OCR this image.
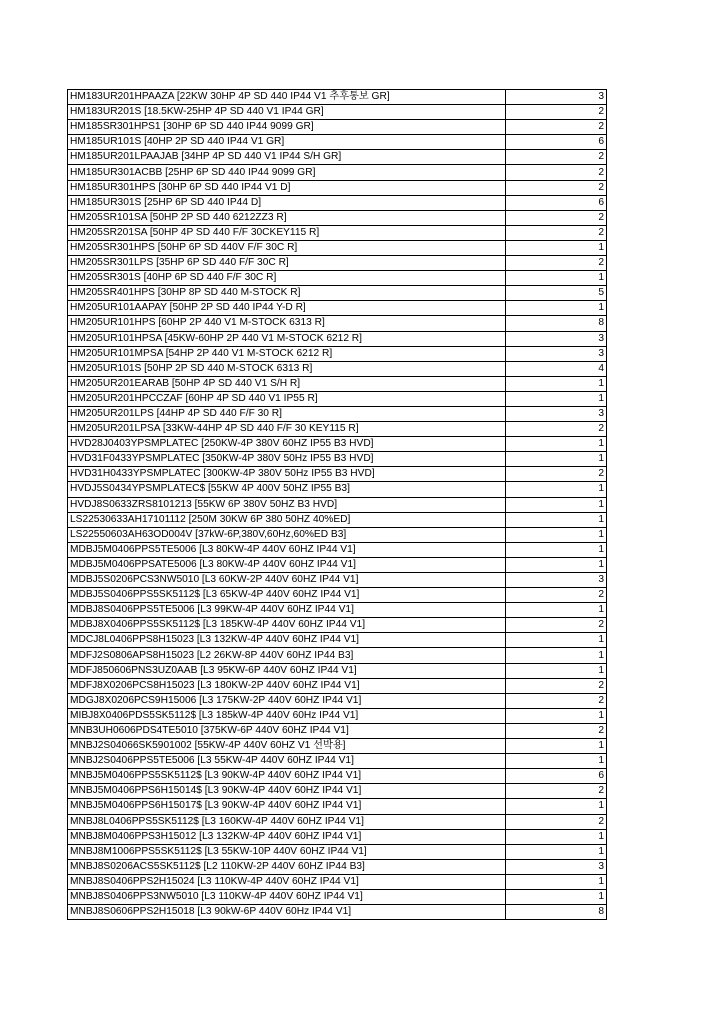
HM183UR201HPAAZA [22KW 30HP 4P SD 440 IP44 V1 추후통보 GR]	3
HM183UR201S [18.5KW-25HP 4P SD 440 V1 IP44 GR]	2
HM185SR301HPS1 [30HP 6P SD 440 IP44 9099 GR]	2
HM185UR101S [40HP 2P SD 440 IP44 V1 GR]	6
HM185UR201LPAAJAB [34HP 4P SD 440 V1 IP44 S/H GR]	2
HM185UR301ACBB [25HP 6P SD 440 IP44 9099 GR]	2
HM185UR301HPS [30HP 6P SD 440 IP44 V1 D]	2
HM185UR301S [25HP 6P SD 440 IP44 D]	6
HM205SR101SA [50HP 2P SD 440 6212ZZ3 R]	2
HM205SR201SA [50HP 4P SD 440 F/F 30CKEY115 R]	2
HM205SR301HPS [50HP 6P SD 440V F/F 30C R]	1
HM205SR301LPS [35HP 6P SD 440 F/F 30C R]	2
HM205SR301S [40HP 6P SD 440 F/F 30C R]	1
HM205SR401HPS [30HP 8P SD 440 M-STOCK R]	5
HM205UR101AAPAY [50HP 2P SD 440 IP44 Y-D R]	1
HM205UR101HPS [60HP 2P 440 V1 M-STOCK 6313 R]	8
HM205UR101HPSA [45KW-60HP 2P 440 V1 M-STOCK 6212 R]	3
HM205UR101MPSA [54HP 2P 440 V1 M-STOCK 6212 R]	3
HM205UR101S [50HP 2P SD 440 M-STOCK 6313 R]	4
HM205UR201EARAB [50HP 4P SD 440 V1 S/H R]	1
HM205UR201HPCCZAF [60HP 4P SD 440 V1 IP55 R]	1
HM205UR201LPS [44HP 4P SD 440 F/F 30 R]	3
HM205UR201LPSA [33KW-44HP 4P SD 440 F/F 30 KEY115 R]	2
HVD28J0403YPSMPLATEC [250KW-4P 380V 60HZ IP55 B3 HVD]	1
HVD31F0433YPSMPLATEC [350KW-4P 380V 50Hz IP55 B3 HVD]	1
HVD31H0433YPSMPLATEC [300KW-4P 380V 50Hz IP55 B3 HVD]	2
HVDJ5S0434YPSMPLATEC$ [55KW 4P 400V 50HZ IP55 B3]	1
HVDJ8S0633ZRS8101213 [55KW 6P 380V 50HZ B3 HVD]	1
LS22530633AH17101112 [250M 30KW 6P 380 50HZ 40%ED]	1
LS22550603AH63OD004V [37kW-6P,380V,60Hz,60%ED B3]	1
MDBJ5M0406PPS5TE5006 [L3 80KW-4P 440V 60HZ IP44 V1]	1
MDBJ5M0406PPSATE5006 [L3 80KW-4P 440V 60HZ IP44 V1]	1
MDBJ5S0206PCS3NW5010 [L3 60KW-2P 440V 60HZ IP44 V1]	3
MDBJ5S0406PPS5SK5112$ [L3 65KW-4P 440V 60HZ IP44 V1]	2
MDBJ8S0406PPS5TE5006 [L3 99KW-4P 440V 60HZ IP44 V1]	1
MDBJ8X0406PPS5SK5112$ [L3 185KW-4P 440V 60HZ IP44 V1]	2
MDCJ8L0406PPS8H15023 [L3 132KW-4P 440V 60HZ IP44 V1]	1
MDFJ2S0806APS8H15023 [L2 26KW-8P 440V 60HZ IP44 B3]	1
MDFJ850606PNS3UZ0AAB [L3 95KW-6P 440V 60HZ IP44 V1]	1
MDFJ8X0206PCS8H15023 [L3 180KW-2P 440V 60HZ IP44 V1]	2
MDGJ8X0206PCS9H15006 [L3 175KW-2P 440V 60HZ IP44 V1]	2
MIBJ8X0406PDS5SK5112$ [L3 185kW-4P 440V 60Hz IP44 V1]	1
MNB3UH0606PDS4TE5010 [375KW-6P 440V 60HZ IP44 V1]	2
MNBJ2S04066SK5901002 [55KW-4P 440V 60HZ V1 선박용]	1
MNBJ2S0406PPS5TE5006 [L3 55KW-4P 440V 60HZ IP44 V1]	1
MNBJ5M0406PPS5SK5112$ [L3 90KW-4P 440V 60HZ IP44 V1]	6
MNBJ5M0406PPS6H15014$ [L3 90KW-4P 440V 60HZ IP44 V1]	2
MNBJ5M0406PPS6H15017$ [L3 90KW-4P 440V 60HZ IP44 V1]	1
MNBJ8L0406PPS5SK5112$ [L3 160KW-4P 440V 60HZ IP44 V1]	2
MNBJ8M0406PPS3H15012 [L3 132KW-4P 440V 60HZ IP44 V1]	1
MNBJ8M1006PPS5SK5112$ [L3 55KW-10P 440V 60HZ IP44 V1]	1
MNBJ8S0206ACS5SK5112$ [L2 110KW-2P 440V 60HZ IP44 B3]	3
MNBJ8S0406PPS2H15024 [L3 110KW-4P 440V 60HZ IP44 V1]	1
MNBJ8S0406PPS3NW5010 [L3 110KW-4P 440V 60HZ IP44 V1]	1
MNBJ8S0606PPS2H15018 [L3 90kW-6P 440V 60Hz IP44 V1]	8
